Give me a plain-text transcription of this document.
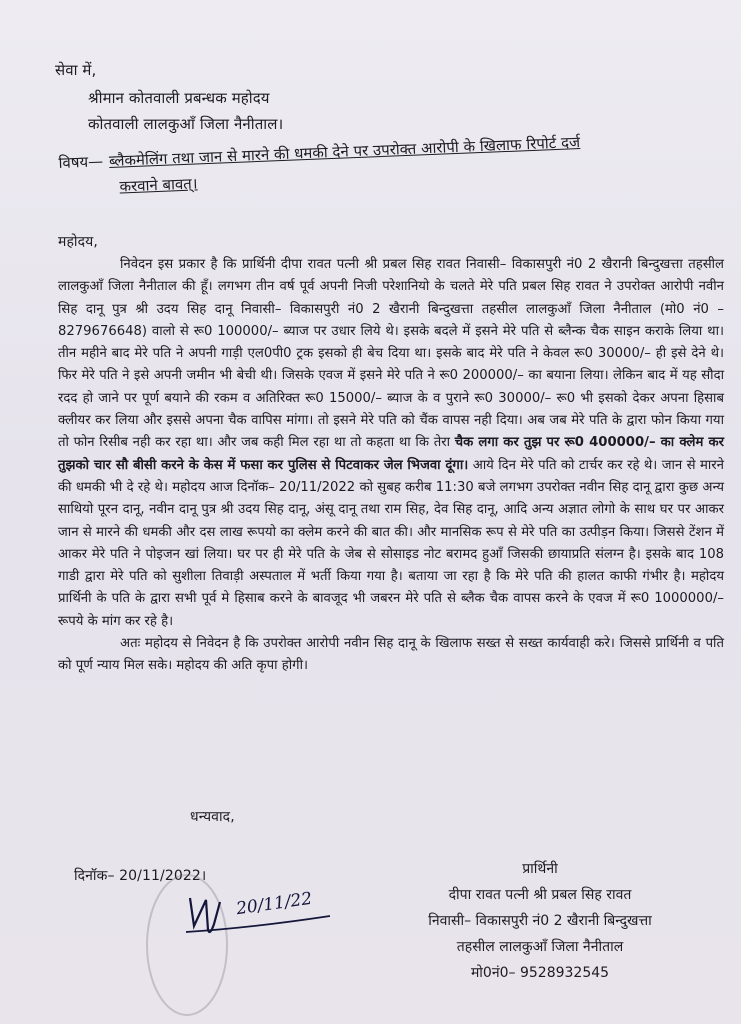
सेवा में,
श्रीमान कोतवाली प्रबन्धक महोदय
कोतवाली लालकुआँ जिला नैनीताल।
विषय— ब्लैकमेलिंग तथा जान से मारने की धमकी देने पर उपरोक्त आरोपी के खिलाफ रिपोर्ट दर्ज
करवाने बावत्।
महोदय,

निवेदन इस प्रकार है कि प्रार्थिनी दीपा रावत पत्नी श्री प्रबल सिह रावत निवासी– विकासपुरी नं0 2 खैरानी बिन्दुखत्ता तहसील लालकुआँ जिला नैनीताल की हूँ। लगभग तीन वर्ष पूर्व अपनी निजी परेशानियो के चलते मेरे पति प्रबल सिह रावत ने उपरोक्त आरोपी नवीन सिह दानू पुत्र श्री उदय सिह दानू निवासी– विकासपुरी नं0 2 खैरानी बिन्दुखत्ता तहसील लालकुआँ जिला नैनीताल (मो0 नं0 – 8279676648) वालो से रू0 100000/– ब्याज पर उधार लिये थे। इसके बदले में इसने मेरे पति से ब्लैन्क चैक साइन कराके लिया था। तीन महीने बाद मेरे पति ने अपनी गाड़ी एल0पी0 ट्रक इसको ही बेच दिया था। इसके बाद मेरे पति ने केवल रू0 30000/– ही इसे देने थे। फिर मेरे पति ने इसे अपनी जमीन भी बेची थी। जिसके एवज में इसने मेरे पति ने रू0 200000/– का बयाना लिया। लेकिन बाद में यह सौदा रदद हो जाने पर पूर्ण बयाने की रकम व अतिरिक्त रू0 15000/– ब्याज के व पुराने रू0 30000/– रू0 भी इसको देकर अपना हिसाब क्लीयर कर लिया और इससे अपना चैक वापिस मांगा। तो इसने मेरे पति को चैंक वापस नही दिया। अब जब मेरे पति के द्वारा फोन किया गया तो फोन रिसीब नही कर रहा था। और जब कही मिल रहा था तो कहता था कि तेरा चैक लगा कर तुझ पर रू0 400000/– का क्लेम कर तुझको चार सौ बीसी करने के केस में फसा कर पुलिस से पिटवाकर जेल भिजवा दूंगा। आये दिन मेरे पति को टार्चर कर रहे थे। जान से मारने की धमकी भी दे रहे थे। महोदय आज दिनॉक– 20/11/2022 को सुबह करीब 11:30 बजे लगभग उपरोक्त नवीन सिह दानू द्वारा कुछ अन्य साथियो पूरन दानू, नवीन दानू पुत्र श्री उदय सिह दानू, अंसू दानू तथा राम सिह, देव सिह दानू, आदि अन्य अज्ञात लोगो के साथ घर पर आकर जान से मारने की धमकी और दस लाख रूपयो का क्लेम करने की बात की। और मानसिक रूप से मेरे पति का उत्पीड़न किया। जिससे टेंशन में आकर मेरे पति ने पोइजन खां लिया। घर पर ही मेरे पति के जेब से सोसाइड नोट बरामद हुआँ जिसकी छायाप्रति संलग्न है। इसके बाद 108 गाडी द्वारा मेरे पति को सुशीला तिवाड़ी अस्पताल में भर्ती किया गया है। बताया जा रहा है कि मेरे पति की हालत काफी गंभीर है। महोदय प्रार्थिनी के पति के द्वारा सभी पूर्व मे हिसाब करने के बावजूद भी जबरन मेरे पति से ब्लैक चैक वापस करने के एवज में रू0 1000000/– रूपये के मांग कर रहे है।

अतः महोदय से निवेदन है कि उपरोक्त आरोपी नवीन सिह दानू के खिलाफ सख्त से सख्त कार्यवाही करे। जिससे प्रार्थिनी व पति को पूर्ण न्याय मिल सके। महोदय की अति कृपा होगी।

धन्यवाद,
दिनॉक– 20/11/2022।
20/11/22
प्रार्थिनी
दीपा रावत पत्नी श्री प्रबल सिह रावत
निवासी– विकासपुरी नं0 2 खैरानी बिन्दुखत्ता
तहसील लालकुआँ जिला नैनीताल
मो0नं0– 9528932545
